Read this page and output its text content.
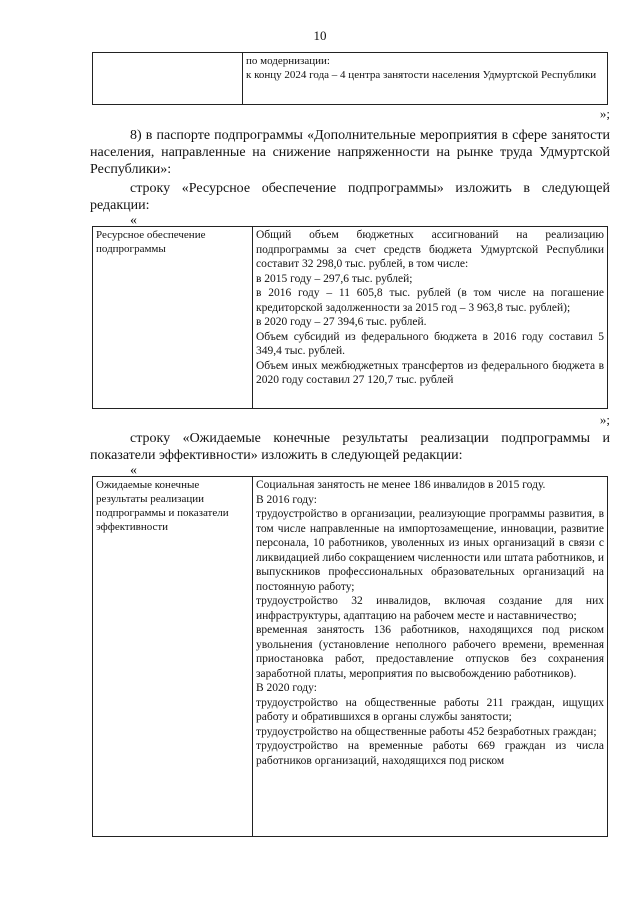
10

по модернизации:
к концу 2024 года – 4 центра занятости населения Удмуртской Республики
»;

8) в паспорте подпрограммы «Дополнительные мероприятия в сфере занятости населения, направленные на снижение напряженности на рынке труда Удмуртской Республики»:

строку «Ресурсное обеспечение подпрограммы» изложить в следующей редакции:

«
Ресурсное обеспечение подпрограммы	

Общий объем бюджетных ассигнований на реализацию подпрограммы за счет средств бюджета Удмуртской Республики составит 32 298,0 тыс. рублей, в том числе:

в 2015 году – 297,6 тыс. рублей;

в 2016 году – 11 605,8 тыс. рублей (в том числе на погашение кредиторской задолженности за 2015 год – 3 963,8 тыс. рублей);

в 2020 году – 27 394,6 тыс. рублей.

Объем субсидий из федерального бюджета в 2016 году составил 5 349,4 тыс. рублей.

Объем иных межбюджетных трансфертов из федерального бюджета в 2020 году составил 27 120,7 тыс. рублей

»;

строку «Ожидаемые конечные результаты реализации подпрограммы и показатели эффективности» изложить в следующей редакции:

«
Ожидаемые конечные результаты реализации подпрограммы и показатели эффективности	

Социальная занятость не менее 186 инвалидов в 2015 году.

В 2016 году:

трудоустройство в организации, реализующие программы развития, в том числе направленные на импортозамещение, инновации, развитие персонала, 10 работников, уволенных из иных организаций в связи с ликвидацией либо сокращением численности или штата работников, и выпускников профессиональных образовательных организаций на постоянную работу;

трудоустройство 32 инвалидов, включая создание для них инфраструктуры, адаптацию на рабочем месте и наставничество;

временная занятость 136 работников, находящихся под риском увольнения (установление неполного рабочего времени, временная приостановка работ, предоставление отпусков без сохранения заработной платы, мероприятия по высвобождению работников).

В 2020 году:

трудоустройство на общественные работы 211 граждан, ищущих работу и обратившихся в органы службы занятости;

трудоустройство на общественные работы 452 безработных граждан;

трудоустройство на временные работы 669 граждан из числа работников организаций, находящихся под риском
